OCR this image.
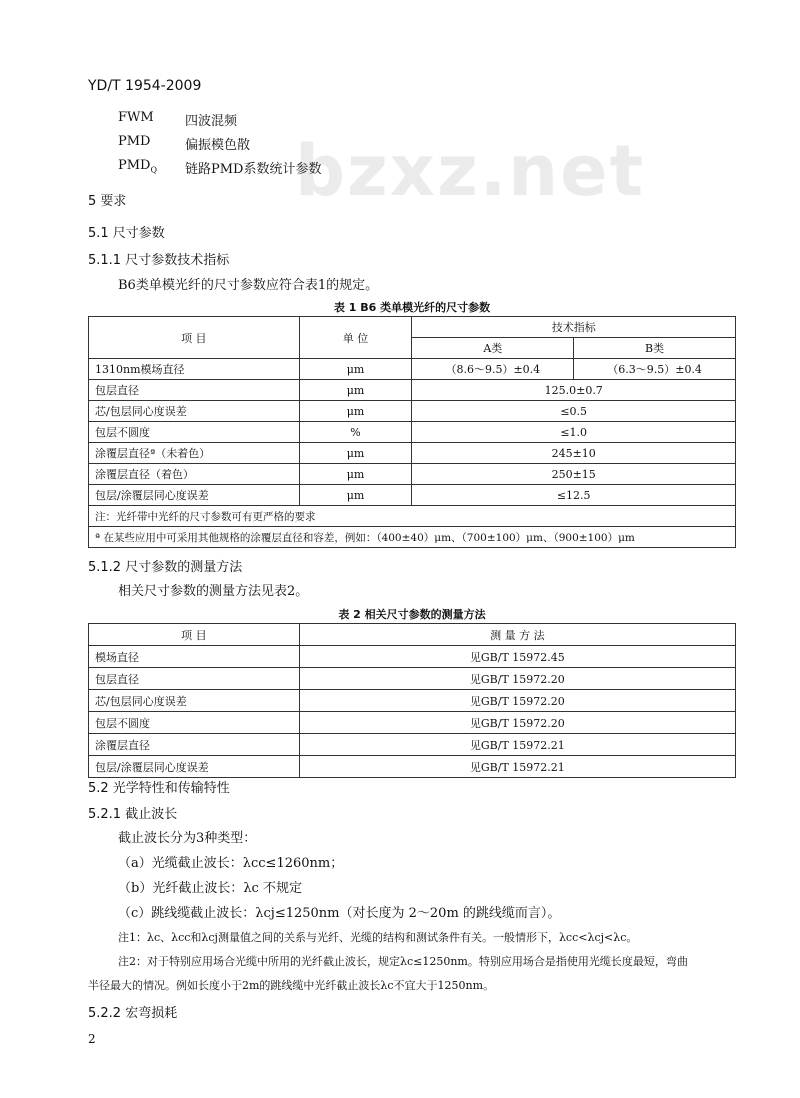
bzxz.net
YD/T 1954-2009
FWM 四波混频
PMD	偏振模色散
$PMD_Q$ 链路PMD系数统计参数
5 要求
5.1 尺寸参数
5.1.1 尺寸参数技术指标
B6类单模光纤的尺寸参数应符合表1的规定。
表 1 B6 类单模光纤的尺寸参数
项 目	单 位	技术指标	
		A类	B类
1310nm模场直径	μm	（8.6～9.5）±0.4	（6.3～9.5）±0.4
包层直径	μm	125.0±0.7	
芯/包层同心度误差	μm	≤0.5	
包层不圆度	%	≤1.0	
涂覆层直径ª（未着色）	μm	245±10	
涂覆层直径（着色）	μm	250±15	
包层/涂覆层同心度误差	μm	≤12.5	
注：光纤带中光纤的尺寸参数可有更严格的要求			
ª 在某些应用中可采用其他规格的涂覆层直径和容差，例如：（400±40）μm、（700±100）μm、（900±100）μm			
5.1.2 尺寸参数的测量方法
相关尺寸参数的测量方法见表2。
表 2 相关尺寸参数的测量方法
项 目	测 量 方 法
模场直径	见GB/T 15972.45
包层直径	见GB/T 15972.20
芯/包层同心度误差	见GB/T 15972.20
包层不圆度	见GB/T 15972.20
涂覆层直径	见GB/T 15972.21
包层/涂覆层同心度误差	见GB/T 15972.21
5.2 光学特性和传输特性
5.2.1 截止波长
截止波长分为3种类型：
（a）光缆截止波长：λcc≤1260nm；
（b）光纤截止波长：λc 不规定
（c）跳线缆截止波长：λcj≤1250nm（对长度为 2～20m 的跳线缆而言）。
注1：λc、λcc和λcj测量值之间的关系与光纤、光缆的结构和测试条件有关。一般情形下，λcc<λcj<λc。
注2：对于特别应用场合光缆中所用的光纤截止波长，规定λc≤1250nm。特别应用场合是指使用光缆长度最短，弯曲
半径最大的情况。例如长度小于2m的跳线缆中光纤截止波长λc不宜大于1250nm。
5.2.2 宏弯损耗
2
